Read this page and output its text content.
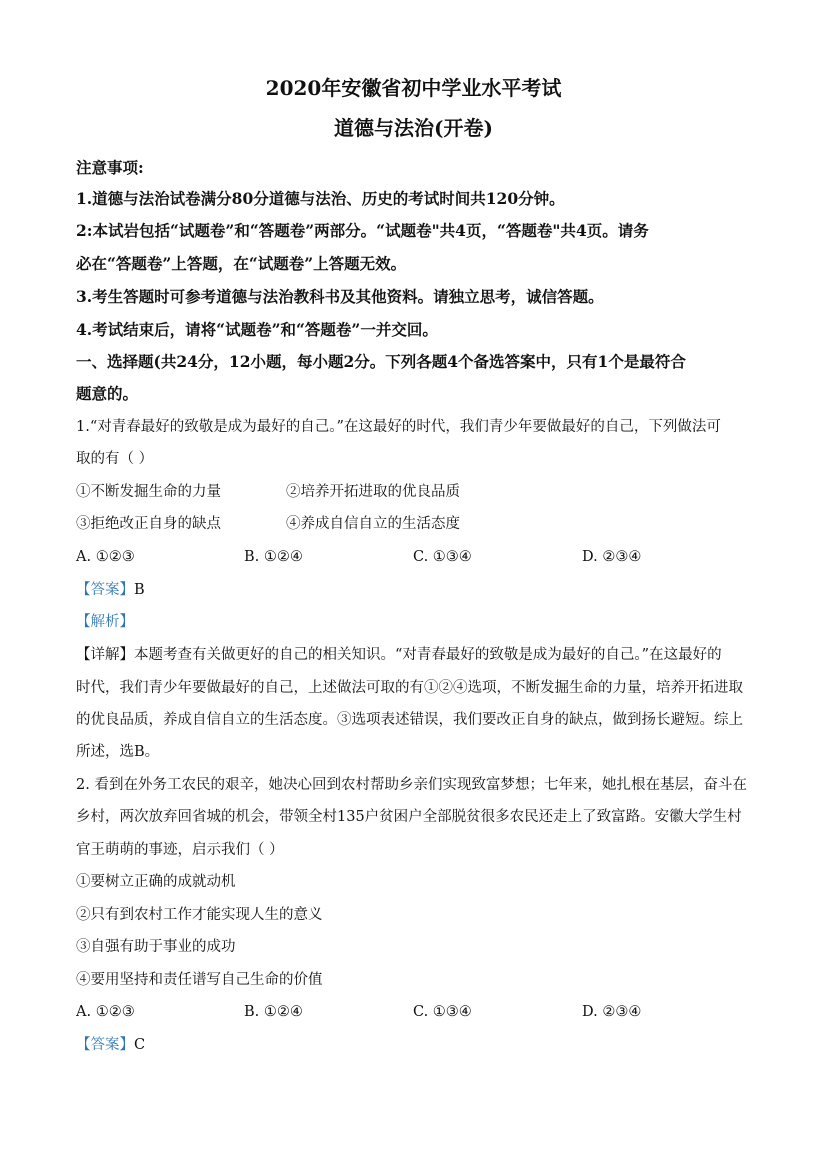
2020年安徽省初中学业水平考试
道德与法治(开卷)
注意事项:
1.道德与法治试卷满分80分道德与法治、历史的考试时间共120分钟。
2:本试岩包括“试题卷”和“答题卷”两部分。“试题卷"共4页，“答题卷"共4页。请务
必在“答题卷”上答题，在“试题卷”上答题无效。
3.考生答题时可参考道德与法治教科书及其他资料。请独立思考，诚信答题。
4.考试结束后，请将“试题卷”和“答题卷”一并交回。
一、选择题(共24分，12小题，每小题2分。下列各题4个备选答案中，只有1个是最符合
题意的。
1.“对青春最好的致敬是成为最好的自己。”在这最好的时代，我们青少年要做最好的自己，下列做法可
取的有（ ）
①不断发掘生命的力量	②培养开拓进取的优良品质
③拒绝改正自身的缺点	④养成自信自立的生活态度
A. ①②③	B. ①②④	C. ①③④	D. ②③④
【答案】B
【解析】
【详解】本题考查有关做更好的自己的相关知识。“对青春最好的致敬是成为最好的自己。”在这最好的
时代，我们青少年要做最好的自己，上述做法可取的有①②④选项，不断发掘生命的力量，培养开拓进取
的优良品质，养成自信自立的生活态度。③选项表述错误，我们要改正自身的缺点，做到扬长避短。综上
所述，选B。
2. 看到在外务工农民的艰辛，她决心回到农村帮助乡亲们实现致富梦想；七年来，她扎根在基层，奋斗在
乡村，两次放弃回省城的机会，带领全村135户贫困户全部脱贫很多农民还走上了致富路。安徽大学生村
官王萌萌的事迹，启示我们（ ）
①要树立正确的成就动机
②只有到农村工作才能实现人生的意义
③自强有助于事业的成功
④要用坚持和责任谱写自己生命的价值
A. ①②③	B. ①②④	C. ①③④	D. ②③④
【答案】C
